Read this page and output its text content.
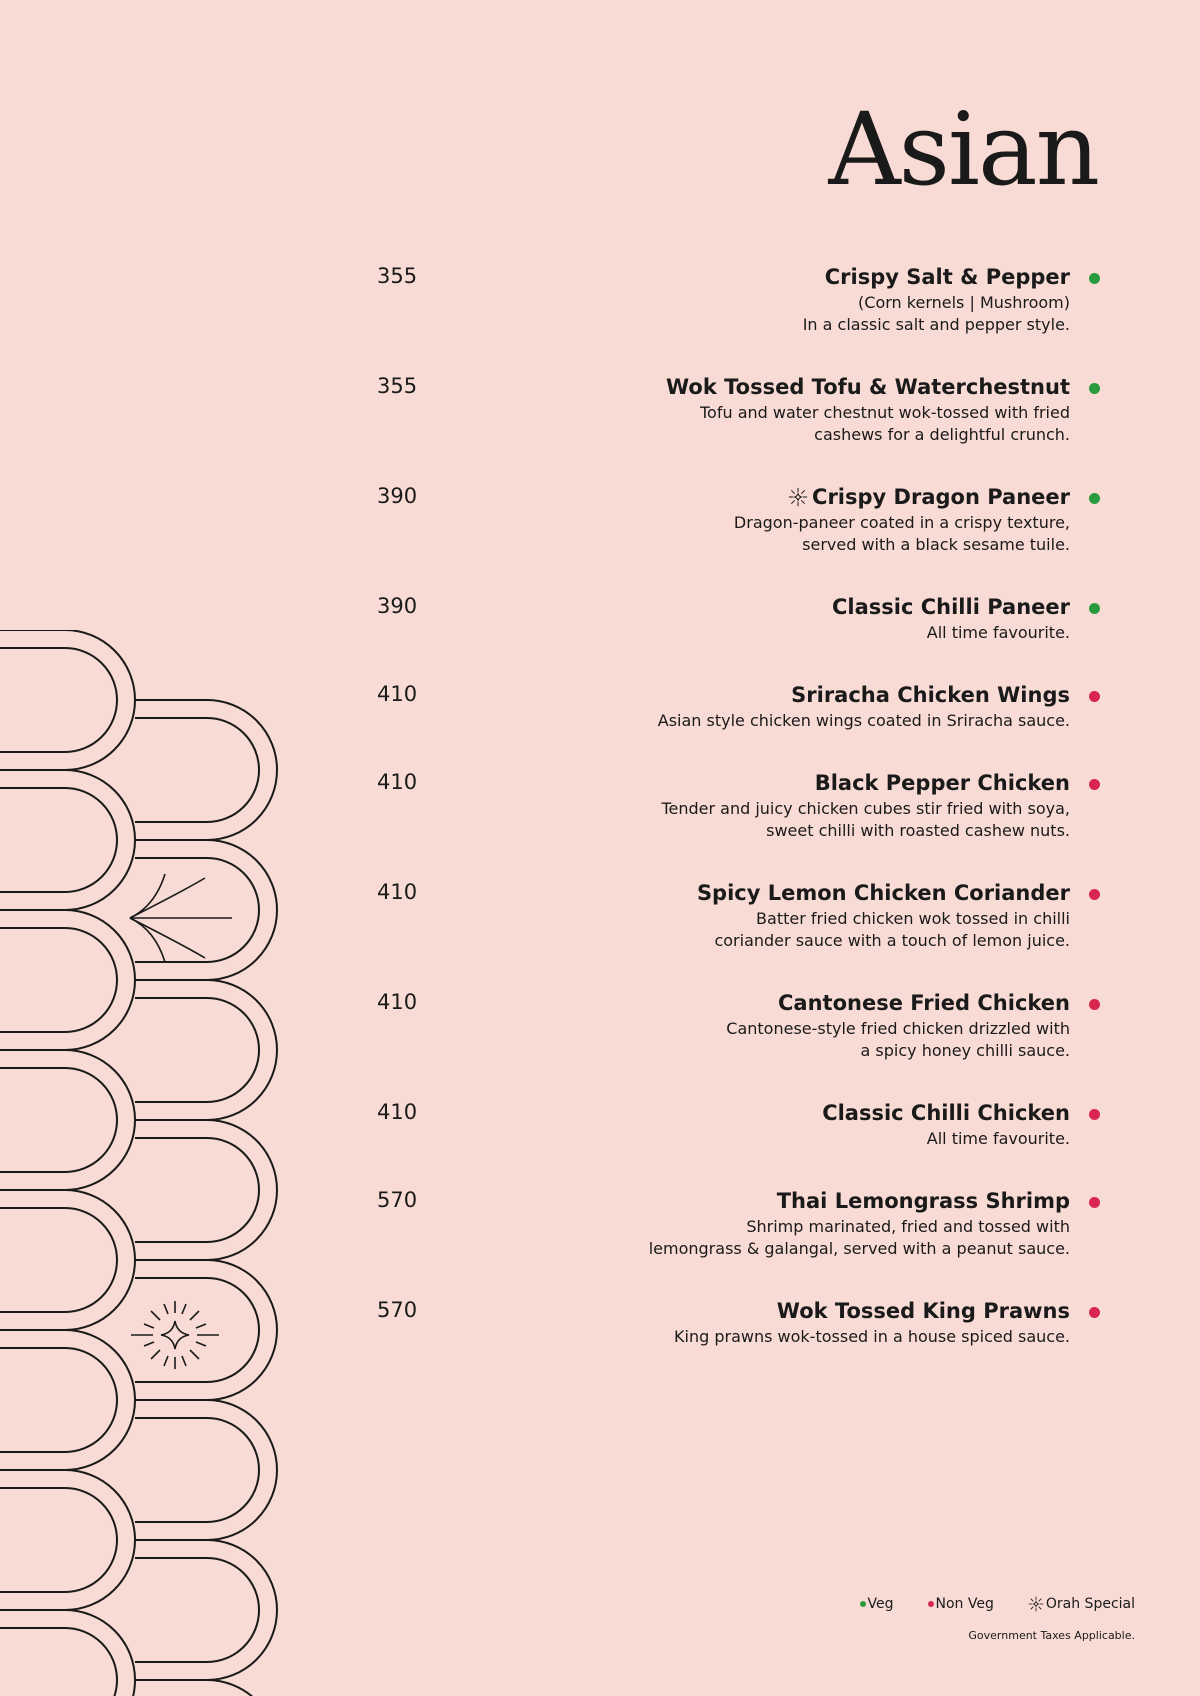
Asian
355	Crispy Salt & Pepper
(Corn kernels | Mushroom)
In a classic salt and pepper style.
355	Wok Tossed Tofu & Waterchestnut
Tofu and water chestnut wok-tossed with fried
cashews for a delightful crunch.
390	Crispy Dragon Paneer
Dragon-paneer coated in a crispy texture,
served with a black sesame tuile.
390	Classic Chilli Paneer
All time favourite.
410	Sriracha Chicken Wings
Asian style chicken wings coated in Sriracha sauce.
410	Black Pepper Chicken
Tender and juicy chicken cubes stir fried with soya,
sweet chilli with roasted cashew nuts.
410	Spicy Lemon Chicken Coriander
Batter fried chicken wok tossed in chilli
coriander sauce with a touch of lemon juice.
410	Cantonese Fried Chicken
Cantonese-style fried chicken drizzled with
a spicy honey chilli sauce.
410	Classic Chilli Chicken
All time favourite.
570	Thai Lemongrass Shrimp
Shrimp marinated, fried and tossed with
lemongrass & galangal, served with a peanut sauce.
570	Wok Tossed King Prawns
King prawns wok-tossed in a house spiced sauce.
Veg	Non Veg	Orah Special
Government Taxes Applicable.
